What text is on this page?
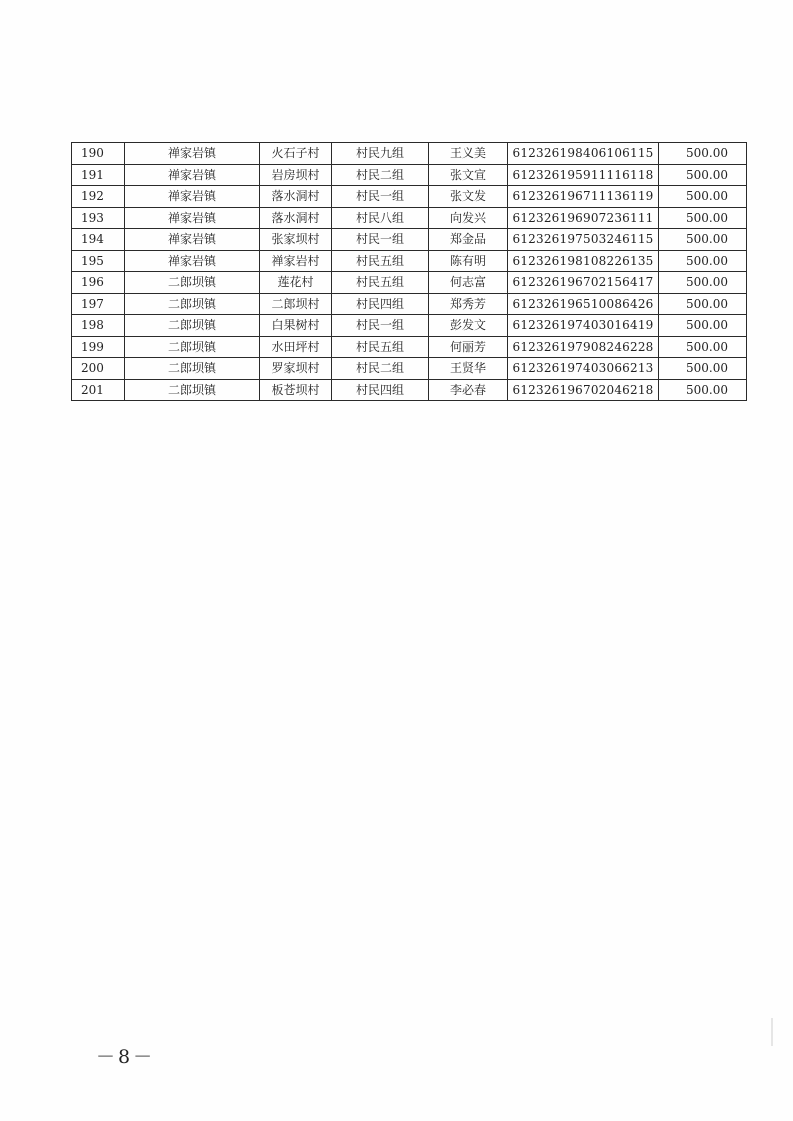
190	禅家岩镇	火石子村	村民九组	王义美	612326198406106115	500.00
191	禅家岩镇	岩房坝村	村民二组	张文宣	612326195911116118	500.00
192	禅家岩镇	落水洞村	村民一组	张文发	612326196711136119	500.00
193	禅家岩镇	落水洞村	村民八组	向发兴	612326196907236111	500.00
194	禅家岩镇	张家坝村	村民一组	郑金品	612326197503246115	500.00
195	禅家岩镇	禅家岩村	村民五组	陈有明	612326198108226135	500.00
196	二郎坝镇	莲花村	村民五组	何志富	612326196702156417	500.00
197	二郎坝镇	二郎坝村	村民四组	郑秀芳	612326196510086426	500.00
198	二郎坝镇	白果树村	村民一组	彭发文	612326197403016419	500.00
199	二郎坝镇	水田坪村	村民五组	何丽芳	612326197908246228	500.00
200	二郎坝镇	罗家坝村	村民二组	王贤华	612326197403066213	500.00
201	二郎坝镇	板苍坝村	村民四组	李必春	612326196702046218	500.00
－8－
